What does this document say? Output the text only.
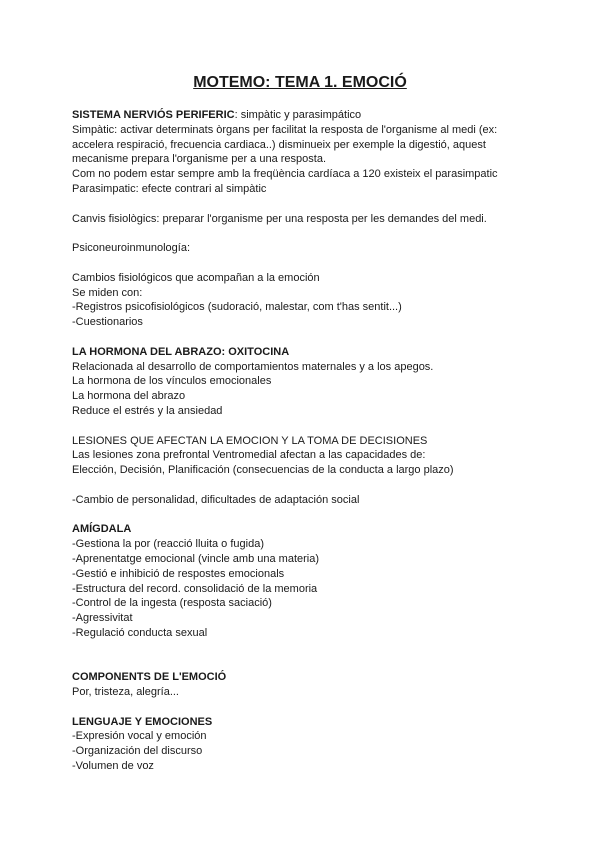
MOTEMO: TEMA 1. EMOCIÓ

SISTEMA NERVIÓS PERIFERIC: simpàtic y parasimpático

Simpàtic: activar determinats òrgans per facilitat la resposta de l'organisme al medi (ex:

accelera respiració, frecuencia cardiaca..) disminueix per exemple la digestió, aquest

mecanisme prepara l'organisme per a una resposta.

Com no podem estar sempre amb la freqüència cardíaca a 120 existeix el parasimpatic

Parasimpatic: efecte contrari al simpàtic

Canvis fisiològics: preparar l'organisme per una resposta per les demandes del medi.

Psiconeuroinmunología:

Cambios fisiológicos que acompañan a la emoción

Se miden con:

-Registros psicofisiológicos (sudoració, malestar, com t'has sentit...)

-Cuestionarios

LA HORMONA DEL ABRAZO: OXITOCINA

Relacionada al desarrollo de comportamientos maternales y a los apegos.

La hormona de los vínculos emocionales

La hormona del abrazo

Reduce el estrés y la ansiedad

LESIONES QUE AFECTAN LA EMOCION Y LA TOMA DE DECISIONES

Las lesiones zona prefrontal Ventromedial afectan a las capacidades de:

Elección, Decisión, Planificación (consecuencias de la conducta a largo plazo)

-Cambio de personalidad, dificultades de adaptación social

AMÍGDALA

-Gestiona la por (reacció lluita o fugida)

-Aprenentatge emocional (vincle amb una materia)

-Gestió e inhibició de respostes emocionals

-Estructura del record. consolidació de la memoria

-Control de la ingesta (resposta saciació)

-Agressivitat

-Regulació conducta sexual

COMPONENTS DE L'EMOCIÓ

Por, tristeza, alegría...

LENGUAJE Y EMOCIONES

-Expresión vocal y emoción

-Organización del discurso

-Volumen de voz
